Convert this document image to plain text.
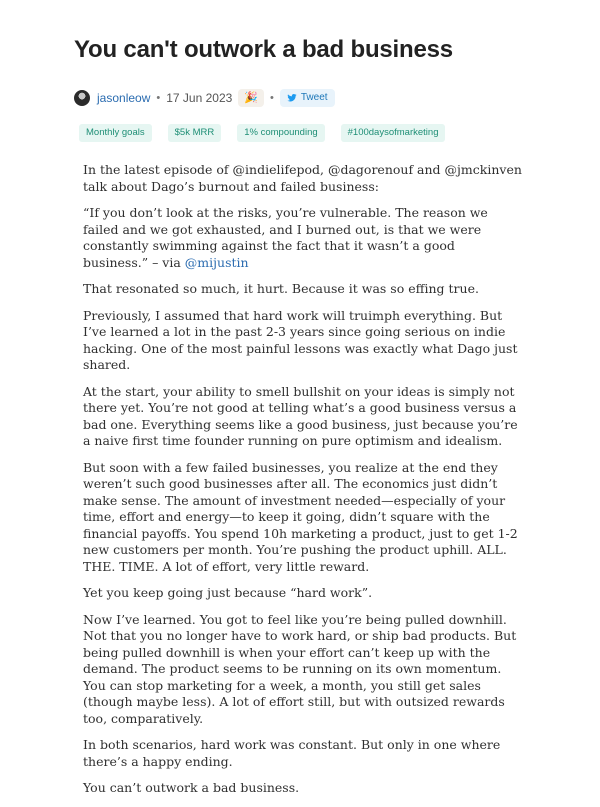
You can't outwork a bad business
jasonleow • 17 Jun 2023	🎉	•	Tweet
Monthly goals	$5k MRR	1% compounding	#100daysofmarketing

In the latest episode of @indielifepod, @dagorenouf and @jmckinven talk about Dago’s burnout and failed business:

“If you don’t look at the risks, you’re vulnerable. The reason we failed and we got exhausted, and I burned out, is that we were constantly swimming against the fact that it wasn’t a good business.” – via @mijustin

That resonated so much, it hurt. Because it was so effing true.

Previously, I assumed that hard work will truimph everything. But I’ve learned a lot in the past 2-3 years since going serious on indie hacking. One of the most painful lessons was exactly what Dago just shared.

At the start, your ability to smell bullshit on your ideas is simply not there yet. You’re not good at telling what’s a good business versus a bad one. Everything seems like a good business, just because you’re a naive first time founder running on pure optimism and idealism.

But soon with a few failed businesses, you realize at the end they weren’t such good businesses after all. The economics just didn’t make sense. The amount of investment needed—especially of your time, effort and energy—to keep it going, didn’t square with the financial payoffs. You spend 10h marketing a product, just to get 1-2 new customers per month. You’re pushing the product uphill. ALL. THE. TIME. A lot of effort, very little reward.

Yet you keep going just because “hard work”.

Now I’ve learned. You got to feel like you’re being pulled downhill. Not that you no longer have to work hard, or ship bad products. But being pulled downhill is when your effort can’t keep up with the demand. The product seems to be running on its own momentum. You can stop marketing for a week, a month, you still get sales (though maybe less). A lot of effort still, but with outsized rewards too, comparatively.

In both scenarios, hard work was constant. But only in one where there’s a happy ending.

You can’t outwork a bad business.
